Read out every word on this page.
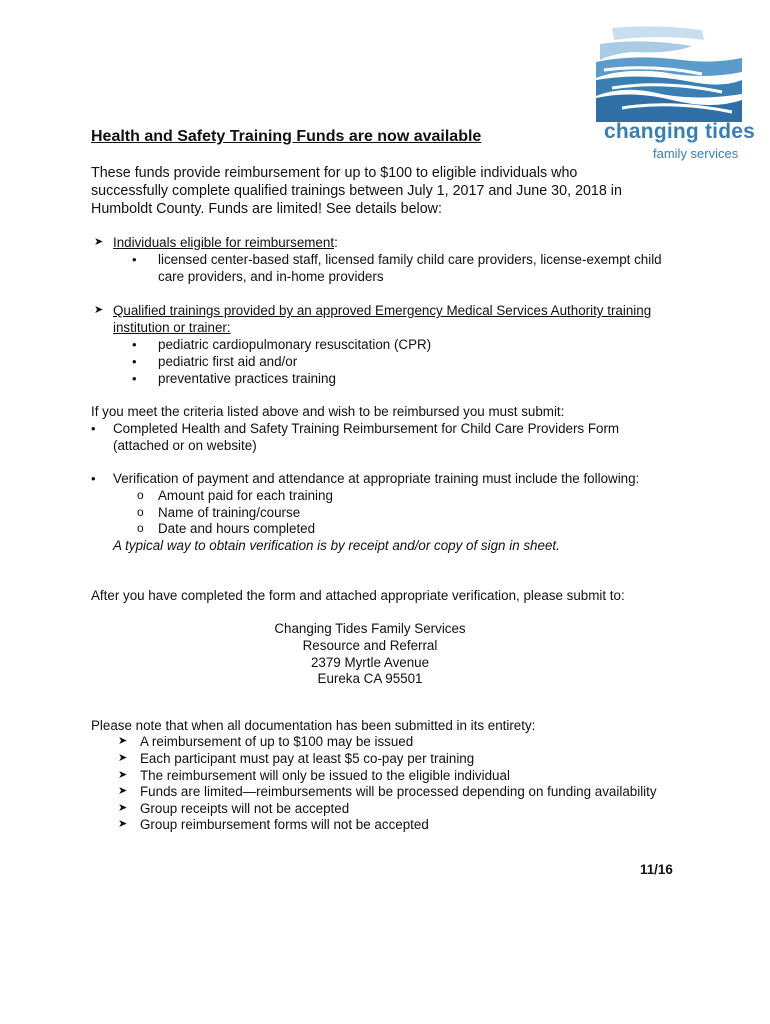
changing tides
family services
Health and Safety Training Funds are now available
These funds provide reimbursement for up to $100 to eligible individuals who
successfully complete qualified trainings between July 1, 2017 and June 30, 2018 in
Humboldt County. Funds are limited! See details below:
➤ Individuals eligible for reimbursement:
• licensed center-based staff, licensed family child care providers, license-exempt child
care providers, and in-home providers
➤ Qualified trainings provided by an approved Emergency Medical Services Authority training
institution or trainer:
• pediatric cardiopulmonary resuscitation (CPR)
• pediatric first aid and/or
• preventative practices training
If you meet the criteria listed above and wish to be reimbursed you must submit:
• Completed Health and Safety Training Reimbursement for Child Care Providers Form
(attached or on website)
• Verification of payment and attendance at appropriate training must include the following:
o Amount paid for each training
o Name of training/course
o Date and hours completed
A typical way to obtain verification is by receipt and/or copy of sign in sheet.
After you have completed the form and attached appropriate verification, please submit to:
Changing Tides Family Services
Resource and Referral
2379 Myrtle Avenue
Eureka CA 95501
Please note that when all documentation has been submitted in its entirety:
➤ A reimbursement of up to $100 may be issued
➤ Each participant must pay at least $5 co-pay per training
➤ The reimbursement will only be issued to the eligible individual
➤ Funds are limited—reimbursements will be processed depending on funding availability
➤ Group receipts will not be accepted
➤ Group reimbursement forms will not be accepted
11/16
